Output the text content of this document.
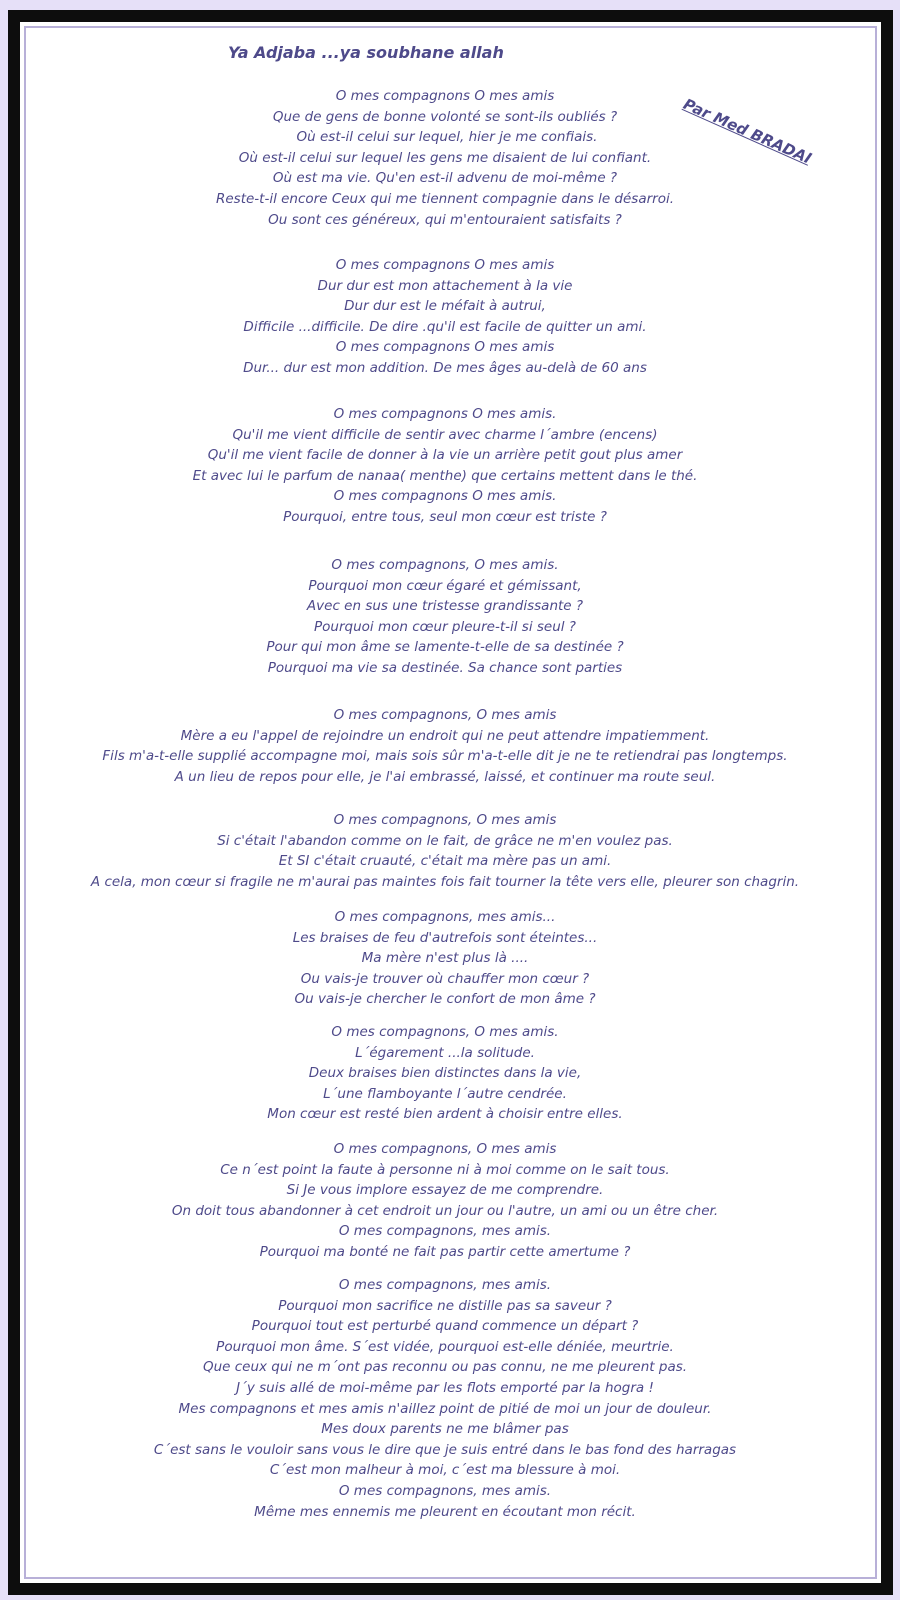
Ya Adjaba ...ya soubhane allah
Par Med BRADAI
O mes compagnons O mes amis
Que de gens de bonne volonté se sont-ils oubliés ?
Où est-il celui sur lequel, hier je me confiais.
Où est-il celui sur lequel les gens me disaient de lui confiant.
Où est ma vie. Qu'en est-il advenu de moi-même ?
Reste-t-il encore Ceux qui me tiennent compagnie dans le désarroi.
Ou sont ces généreux, qui m'entouraient satisfaits ?
O mes compagnons O mes amis
Dur dur est mon attachement à la vie
Dur dur est le méfait à autrui,
Difficile ...difficile. De dire .qu'il est facile de quitter un ami.
O mes compagnons O mes amis
Dur... dur est mon addition. De mes âges au-delà de 60 ans
O mes compagnons O mes amis.
Qu'il me vient difficile de sentir avec charme l´ambre (encens)
Qu'il me vient facile de donner à la vie un arrière petit gout plus amer
Et avec lui le parfum de nanaa( menthe) que certains mettent dans le thé.
O mes compagnons O mes amis.
Pourquoi, entre tous, seul mon cœur est triste ?
O mes compagnons, O mes amis.
Pourquoi mon cœur égaré et gémissant,
Avec en sus une tristesse grandissante ?
Pourquoi mon cœur pleure-t-il si seul ?
Pour qui mon âme se lamente-t-elle de sa destinée ?
Pourquoi ma vie sa destinée. Sa chance sont parties
O mes compagnons, O mes amis
Mère a eu l'appel de rejoindre un endroit qui ne peut attendre impatiemment.
Fils m'a-t-elle supplié accompagne moi, mais sois sûr m'a-t-elle dit je ne te retiendrai pas longtemps.
A un lieu de repos pour elle, je l'ai embrassé, laissé, et continuer ma route seul.
O mes compagnons, O mes amis
Si c'était l'abandon comme on le fait, de grâce ne m'en voulez pas.
Et SI c'était cruauté, c'était ma mère pas un ami.
A cela, mon cœur si fragile ne m'aurai pas maintes fois fait tourner la tête vers elle, pleurer son chagrin.
O mes compagnons, mes amis...
Les braises de feu d'autrefois sont éteintes...
Ma mère n'est plus là ....
Ou vais-je trouver où chauffer mon cœur ?
Ou vais-je chercher le confort de mon âme ?
O mes compagnons, O mes amis.
L´égarement ...la solitude.
Deux braises bien distinctes dans la vie,
L´une flamboyante l´autre cendrée.
Mon cœur est resté bien ardent à choisir entre elles.
O mes compagnons, O mes amis
Ce n´est point la faute à personne ni à moi comme on le sait tous.
Si Je vous implore essayez de me comprendre.
On doit tous abandonner à cet endroit un jour ou l'autre, un ami ou un être cher.
O mes compagnons, mes amis.
Pourquoi ma bonté ne fait pas partir cette amertume ?
O mes compagnons, mes amis.
Pourquoi mon sacrifice ne distille pas sa saveur ?
Pourquoi tout est perturbé quand commence un départ ?
Pourquoi mon âme. S´est vidée, pourquoi est-elle déniée, meurtrie.
Que ceux qui ne m´ont pas reconnu ou pas connu, ne me pleurent pas.
J´y suis allé de moi-même par les flots emporté par la hogra !
Mes compagnons et mes amis n'aillez point de pitié de moi un jour de douleur.
Mes doux parents ne me blâmer pas
C´est sans le vouloir sans vous le dire que je suis entré dans le bas fond des harragas
C´est mon malheur à moi, c´est ma blessure à moi.
O mes compagnons, mes amis.
Même mes ennemis me pleurent en écoutant mon récit.
